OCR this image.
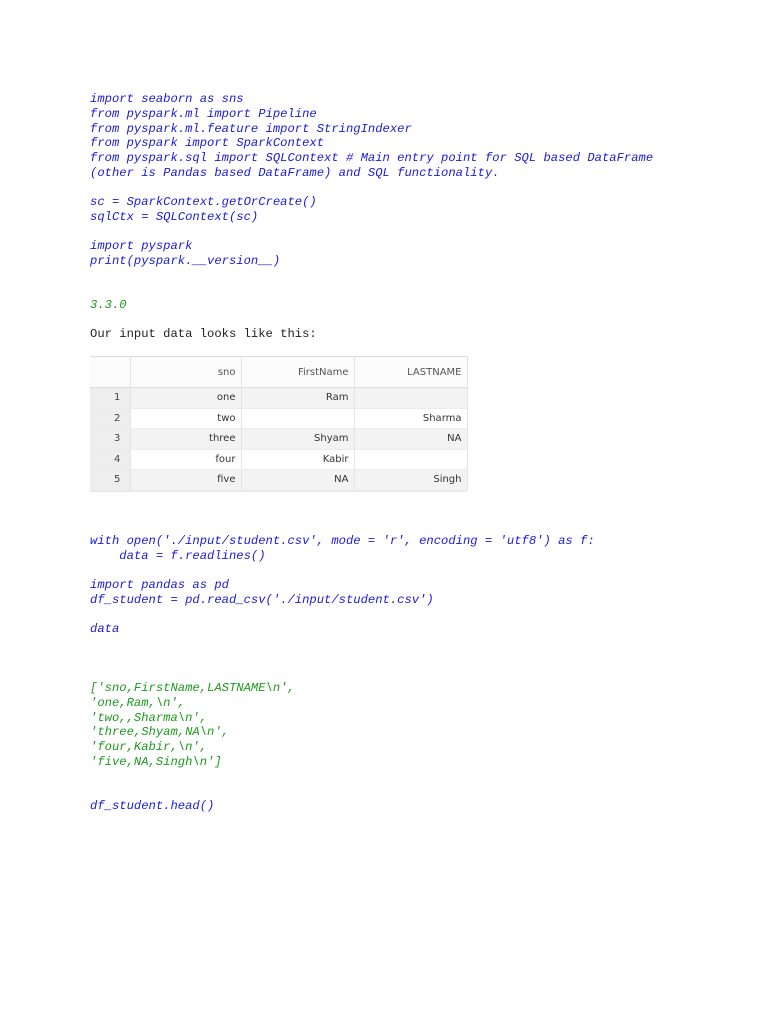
import seaborn as sns
from pyspark.ml import Pipeline
from pyspark.ml.feature import StringIndexer
from pyspark import SparkContext
from pyspark.sql import SQLContext # Main entry point for SQL based DataFrame
(other is Pandas based DataFrame) and SQL functionality.
sc = SparkContext.getOrCreate()
sqlCtx = SQLContext(sc)
import pyspark
print(pyspark.__version__)
3.3.0
Our input data looks like this:
	sno	FirstName	LASTNAME
1	one	Ram	
2	two		Sharma
3	three	Shyam	NA
4	four	Kabir	
5	five	NA	Singh
with open('./input/student.csv', mode = 'r', encoding = 'utf8') as f:
data = f.readlines()
import pandas as pd
df_student = pd.read_csv('./input/student.csv')
data
['sno,FirstName,LASTNAME\n',
'one,Ram,\n',
'two,,Sharma\n',
'three,Shyam,NA\n',
'four,Kabir,\n',
'five,NA,Singh\n']
df_student.head()
